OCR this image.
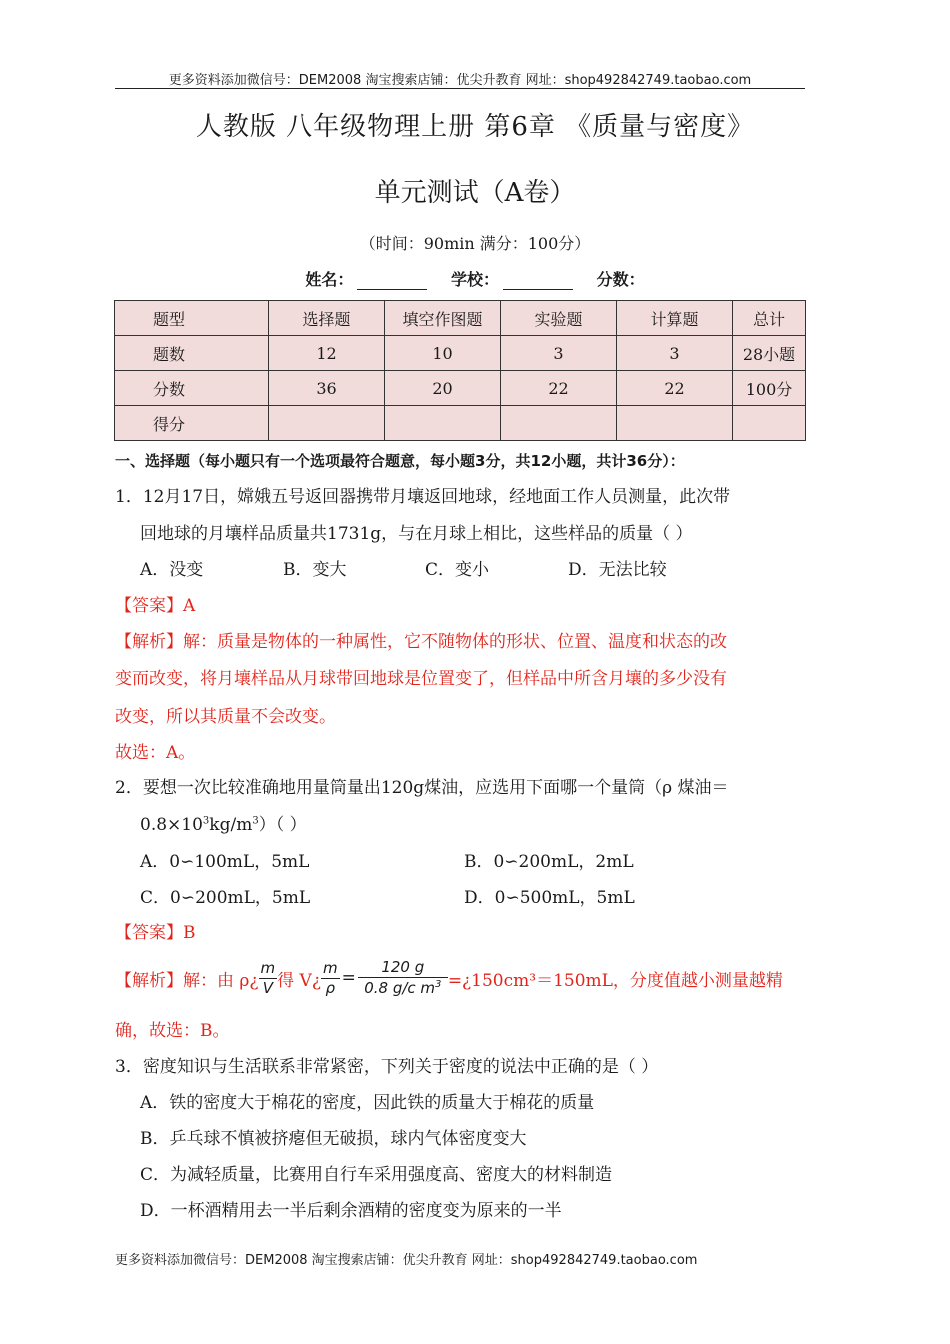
更多资料添加微信号：DEM2008 淘宝搜索店铺：优尖升教育 网址：shop492842749.taobao.com
人教版 八年级物理上册 第6章 《质量与密度》
单元测试（A卷）
（时间：90min 满分：100分）
姓名：	学校：	分数：
题型	选择题	填空作图题	实验题	计算题	总计
题数	12	10	3	3	28小题
分数	36	20	22	22	100分
得分					
一、选择题（每小题只有一个选项最符合题意，每小题3分，共12小题，共计36分）：
1．12月17日，嫦娥五号返回器携带月壤返回地球，经地面工作人员测量，此次带
回地球的月壤样品质量共1731g，与在月球上相比，这些样品的质量（ ）
A．没变	B．变大	C．变小	D．无法比较
【答案】A
【解析】解：质量是物体的一种属性，它不随物体的形状、位置、温度和状态的改
变而改变，将月壤样品从月球带回地球是位置变了，但样品中所含月壤的多少没有
改变，所以其质量不会改变。
故选：A。
2．要想一次比较准确地用量筒量出120g煤油，应选用下面哪一个量筒（ρ 煤油＝
$0.8\times 10^3kg/m^3$）（ ）
A．0∽100mL，5mL	B．0∽200mL，2mL
C．0∽200mL，5mL	D．0∽500mL，5mL
【答案】B
【解析】解：由 ρ¿ $\frac{m}{V}$ 得 V¿ $\frac{m}{\rho} = \frac{120 g}{0.8 g/c m^3}$ =¿150cm³＝150mL，分度值越小测量越精
确，故选：B。
3．密度知识与生活联系非常紧密，下列关于密度的说法中正确的是（ ）
A．铁的密度大于棉花的密度，因此铁的质量大于棉花的质量
B．乒乓球不慎被挤瘪但无破损，球内气体密度变大
C．为减轻质量，比赛用自行车采用强度高、密度大的材料制造
D．一杯酒精用去一半后剩余酒精的密度变为原来的一半
更多资料添加微信号：DEM2008 淘宝搜索店铺：优尖升教育 网址：shop492842749.taobao.com
